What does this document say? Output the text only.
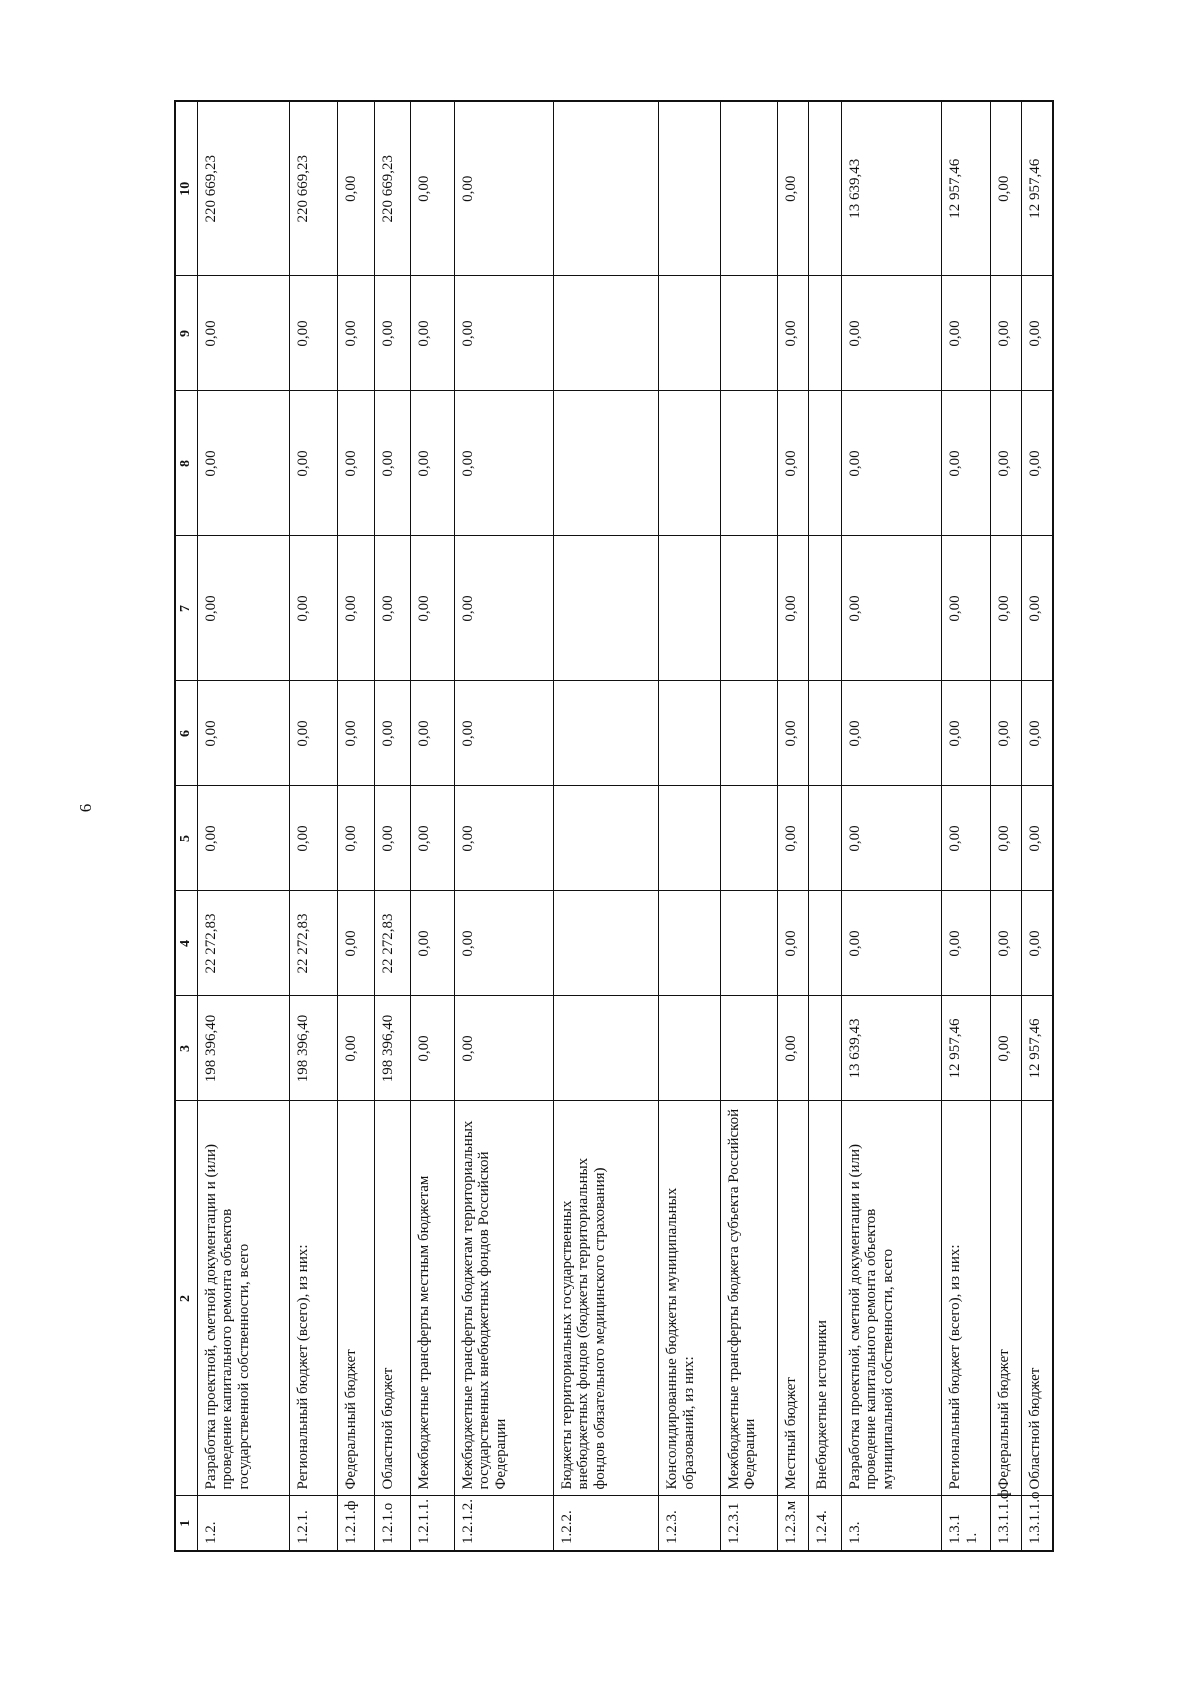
6
1	2	3	4	5	6	7	8	9	10
1.2.	Разработка проектной, сметной документации и (или) проведение капитального ремонта объектов государственной собственности, всего	198 396,40	22 272,83	0,00	0,00	0,00	0,00	0,00	220 669,23
1.2.1.	Региональный бюджет (всего), из них:	198 396,40	22 272,83	0,00	0,00	0,00	0,00	0,00	220 669,23
1.2.1.ф	Федеральный бюджет	0,00	0,00	0,00	0,00	0,00	0,00	0,00	0,00
1.2.1.о	Областной бюджет	198 396,40	22 272,83	0,00	0,00	0,00	0,00	0,00	220 669,23
1.2.1.1.	Межбюджетные трансферты местным бюджетам	0,00	0,00	0,00	0,00	0,00	0,00	0,00	0,00
1.2.1.2.	Межбюджетные трансферты бюджетам территориальных государственных внебюджетных фондов Российской Федерации	0,00	0,00	0,00	0,00	0,00	0,00	0,00	0,00
1.2.2.	Бюджеты территориальных государственных внебюджетных фондов (бюджеты территориальных фондов обязательного медицинского страхования)								
1.2.3.	Консолидированные бюджеты муниципальных образований, из них:								
1.2.3.1	Межбюджетные трансферты бюджета субъекта Российской Федерации								
1.2.3.м	Местный бюджет	0,00	0,00	0,00	0,00	0,00	0,00	0,00	0,00
1.2.4.	Внебюджетные источники								
1.3.	Разработка проектной, сметной документации и (или) проведение капитального ремонта объектов муниципальной собственности, всего	13 639,43	0,00	0,00	0,00	0,00	0,00	0,00	13 639,43
1.3.1 1.	Региональный бюджет (всего), из них:	12 957,46	0,00	0,00	0,00	0,00	0,00	0,00	12 957,46
1.3.1.1.ф	Федеральный бюджет	0,00	0,00	0,00	0,00	0,00	0,00	0,00	0,00
1.3.1.1.о	Областной бюджет	12 957,46	0,00	0,00	0,00	0,00	0,00	0,00	12 957,46
